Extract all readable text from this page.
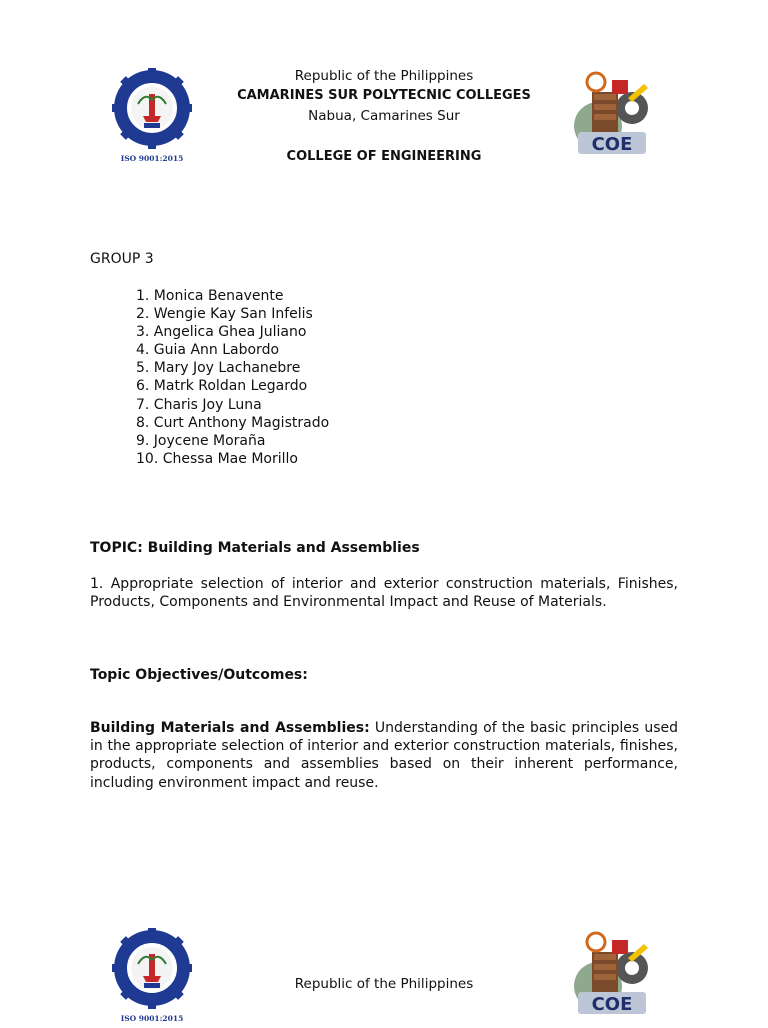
ISO 9001:2015
Republic of the Philippines
CAMARINES SUR POLYTECNIC COLLEGES
Nabua, Camarines Sur
COLLEGE OF ENGINEERING
COE
GROUP 3
1. Monica Benavente
2. Wengie Kay San Infelis
3. Angelica Ghea Juliano
4. Guia Ann Labordo
5. Mary Joy Lachanebre
6. Matrk Roldan Legardo
7. Charis Joy Luna
8. Curt Anthony Magistrado
9. Joycene Moraña
10. Chessa Mae Morillo
TOPIC: Building Materials and Assemblies

1. Appropriate selection of interior and exterior construction materials, Finishes, Products, Components and Environmental Impact and Reuse of Materials.

Topic Objectives/Outcomes:

Building Materials and Assemblies: Understanding of the basic principles used in the appropriate selection of interior and exterior construction materials, finishes, products, components and assemblies based on their inherent performance, including environment impact and reuse.

ISO 9001:2015
Republic of the Philippines
COE
